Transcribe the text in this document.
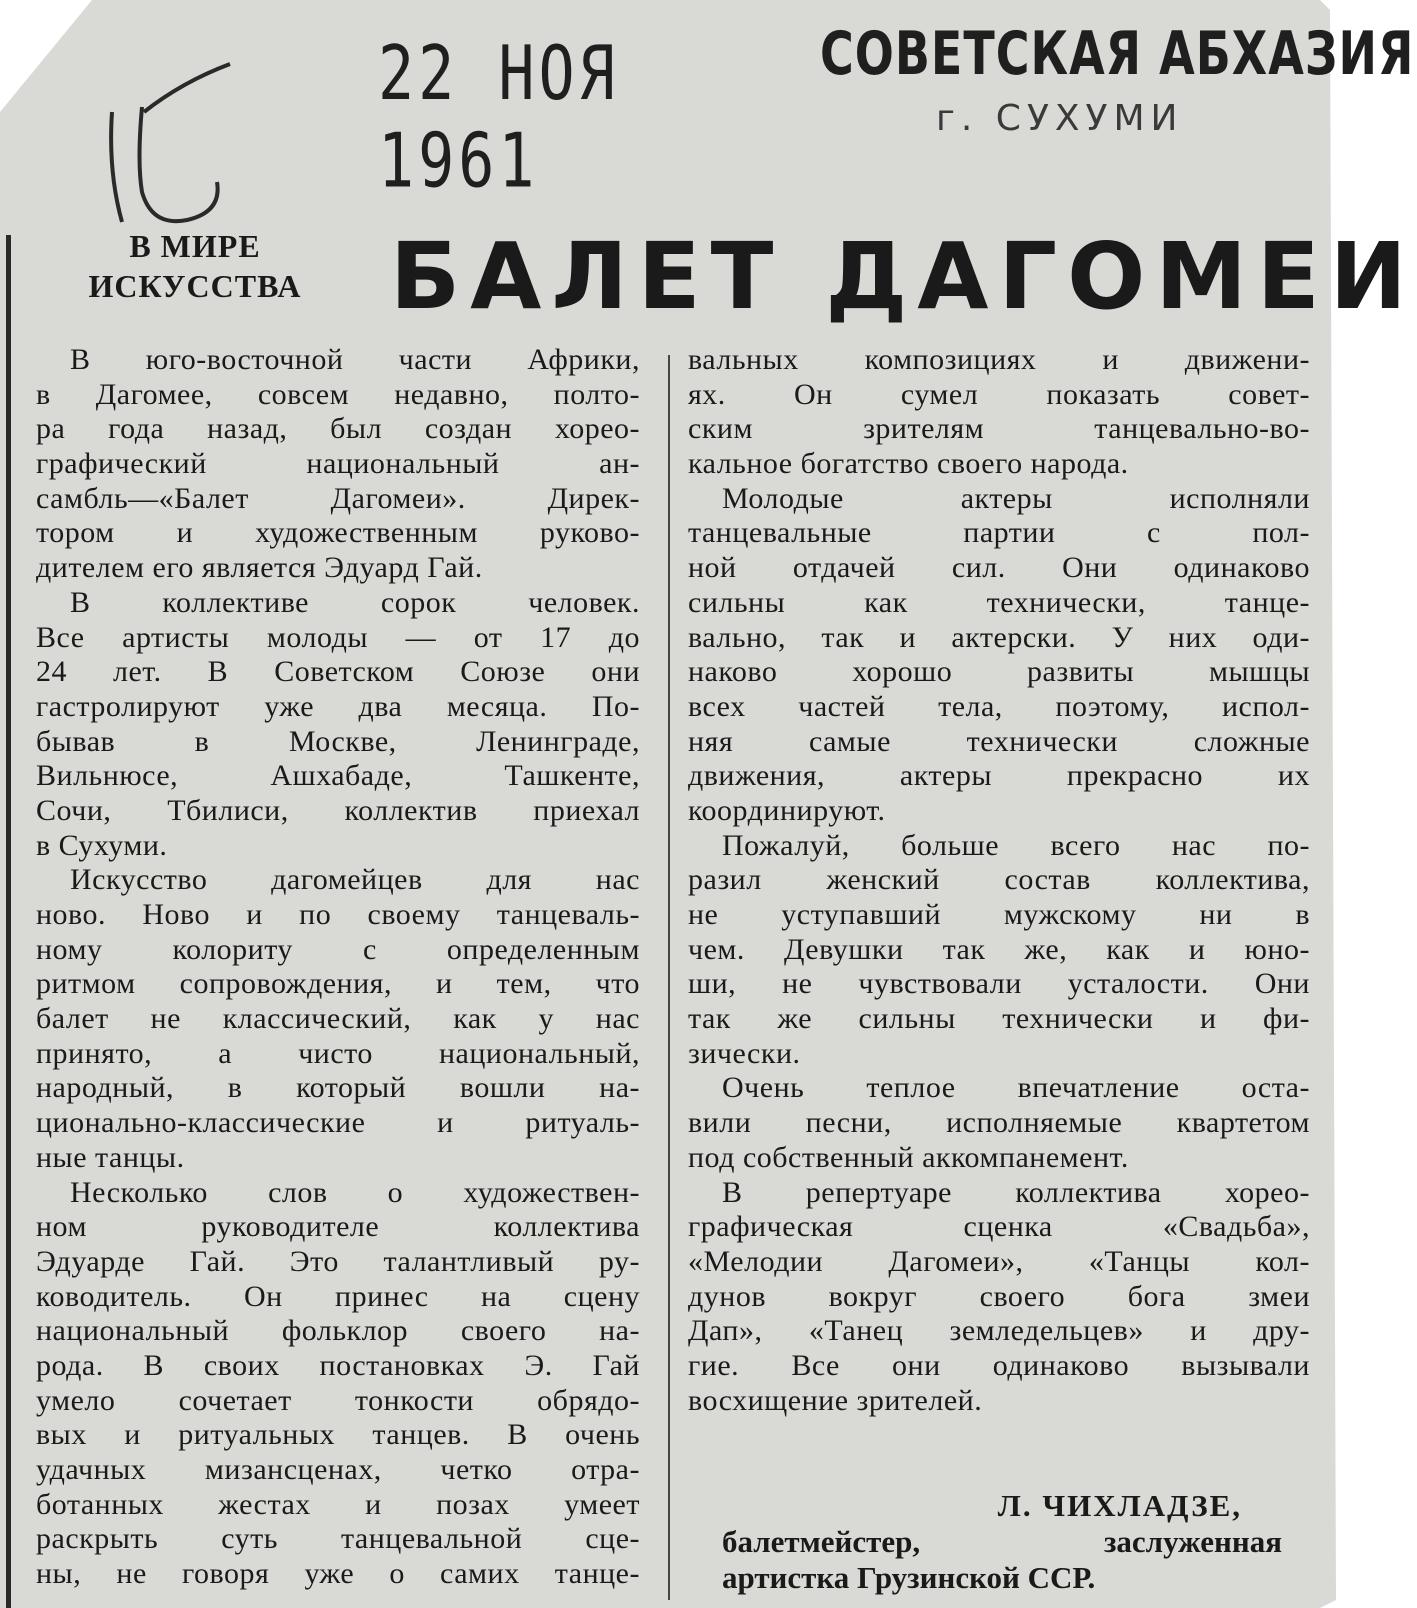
22 НОЯ 1961
СОВЕТСКАЯ АБХАЗИЯ
г. СУХУМИ
В МИРЕ
ИСКУССТВА БАЛЕТ ДАГОМЕИ
В юго-восточной части Африки,
в Дагомее, совсем недавно, полто-
ра года назад, был создан хорео-
графический национальный ан-
самбль—«Балет Дагомеи». Дирек-
тором и художественным руково-
дителем его является Эдуард Гай.
В коллективе сорок человек.
Все артисты молоды — от 17 до
24 лет. В Советском Союзе они
гастролируют уже два месяца. По-
бывав в Москве, Ленинграде,
Вильнюсе, Ашхабаде, Ташкенте,
Сочи, Тбилиси, коллектив приехал
в Сухуми.
Искусство дагомейцев для нас
ново. Ново и по своему танцеваль-
ному колориту с определенным
ритмом сопровождения, и тем, что
балет не классический, как у нас
принято, а чисто национальный,
народный, в который вошли на-
ционально-классические и ритуаль-
ные танцы.
Несколько слов о художествен-
ном руководителе коллектива
Эдуарде Гай. Это талантливый ру-
ководитель. Он принес на сцену
национальный фольклор своего на-
рода. В своих постановках Э. Гай
умело сочетает тонкости обрядо-
вых и ритуальных танцев. В очень
удачных мизансценах, четко отра-
ботанных жестах и позах умеет
раскрыть суть танцевальной сце-
ны, не говоря уже о самих танце-
вальных композициях и движени-
ях. Он сумел показать совет-
ским зрителям танцевально-во-
кальное богатство своего народа.
Молодые актеры исполняли
танцевальные партии с пол-
ной отдачей сил. Они одинаково
сильны как технически, танце-
вально, так и актерски. У них оди-
наково хорошо развиты мышцы
всех частей тела, поэтому, испол-
няя самые технически сложные
движения, актеры прекрасно их
координируют.
Пожалуй, больше всего нас по-
разил женский состав коллектива,
не уступавший мужскому ни в
чем. Девушки так же, как и юно-
ши, не чувствовали усталости. Они
так же сильны технически и фи-
зически.
Очень теплое впечатление оста-
вили песни, исполняемые квартетом
под собственный аккомпанемент.
В репертуаре коллектива хорео-
графическая сценка «Свадьба»,
«Мелодии Дагомеи», «Танцы кол-
дунов вокруг своего бога змеи
Дап», «Танец земледельцев» и дру-
гие. Все они одинаково вызывали
восхищение зрителей.
Л. ЧИХЛАДЗЕ,
балетмейстер, заслуженная
артистка Грузинской ССР.
